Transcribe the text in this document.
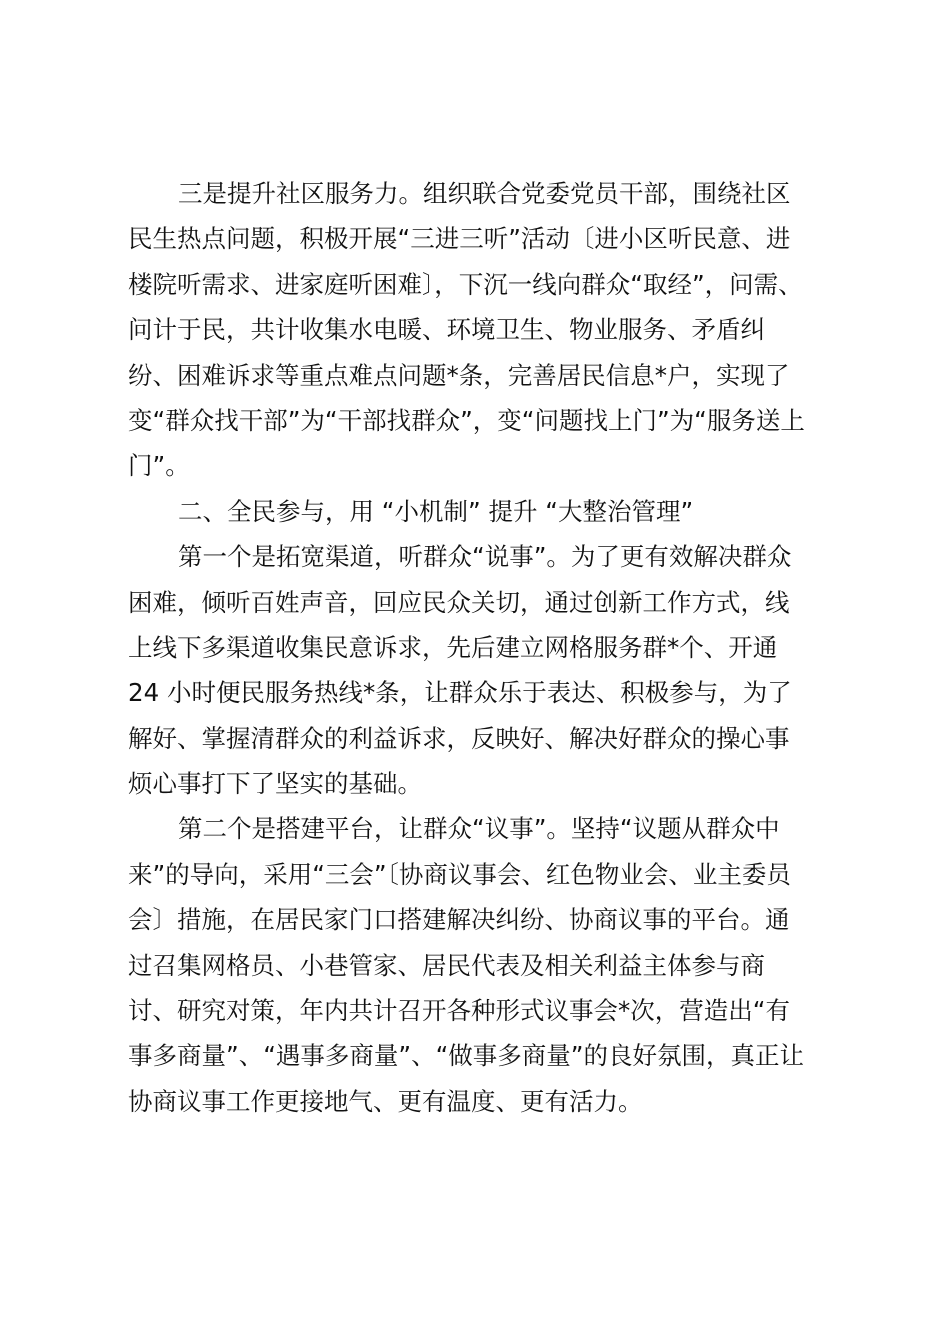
三是提升社区服务力。组织联合党委党员干部，围绕社区
民生热点问题，积极开展“三进三听”活动〔进小区听民意、进
楼院听需求、进家庭听困难〕，下沉一线向群众“取经”，问需、
问计于民，共计收集水电暖、环境卫生、物业服务、矛盾纠
纷、困难诉求等重点难点问题*条，完善居民信息*户，实现了
变“群众找干部”为“干部找群众”，变“问题找上门”为“服务送上
门”。
二、全民参与，用 “小机制” 提升 “大整治管理”
第一个是拓宽渠道，听群众“说事”。为了更有效解决群众
困难，倾听百姓声音，回应民众关切，通过创新工作方式，线
上线下多渠道收集民意诉求，先后建立网格服务群*个、开通
24 小时便民服务热线*条，让群众乐于表达、积极参与，为了
解好、掌握清群众的利益诉求，反映好、解决好群众的操心事
烦心事打下了坚实的基础。
第二个是搭建平台，让群众“议事”。坚持“议题从群众中
来”的导向，采用“三会”〔协商议事会、红色物业会、业主委员
会〕措施，在居民家门口搭建解决纠纷、协商议事的平台。通
过召集网格员、小巷管家、居民代表及相关利益主体参与商
讨、研究对策，年内共计召开各种形式议事会*次，营造出“有
事多商量”、“遇事多商量”、“做事多商量”的良好氛围，真正让
协商议事工作更接地气、更有温度、更有活力。
